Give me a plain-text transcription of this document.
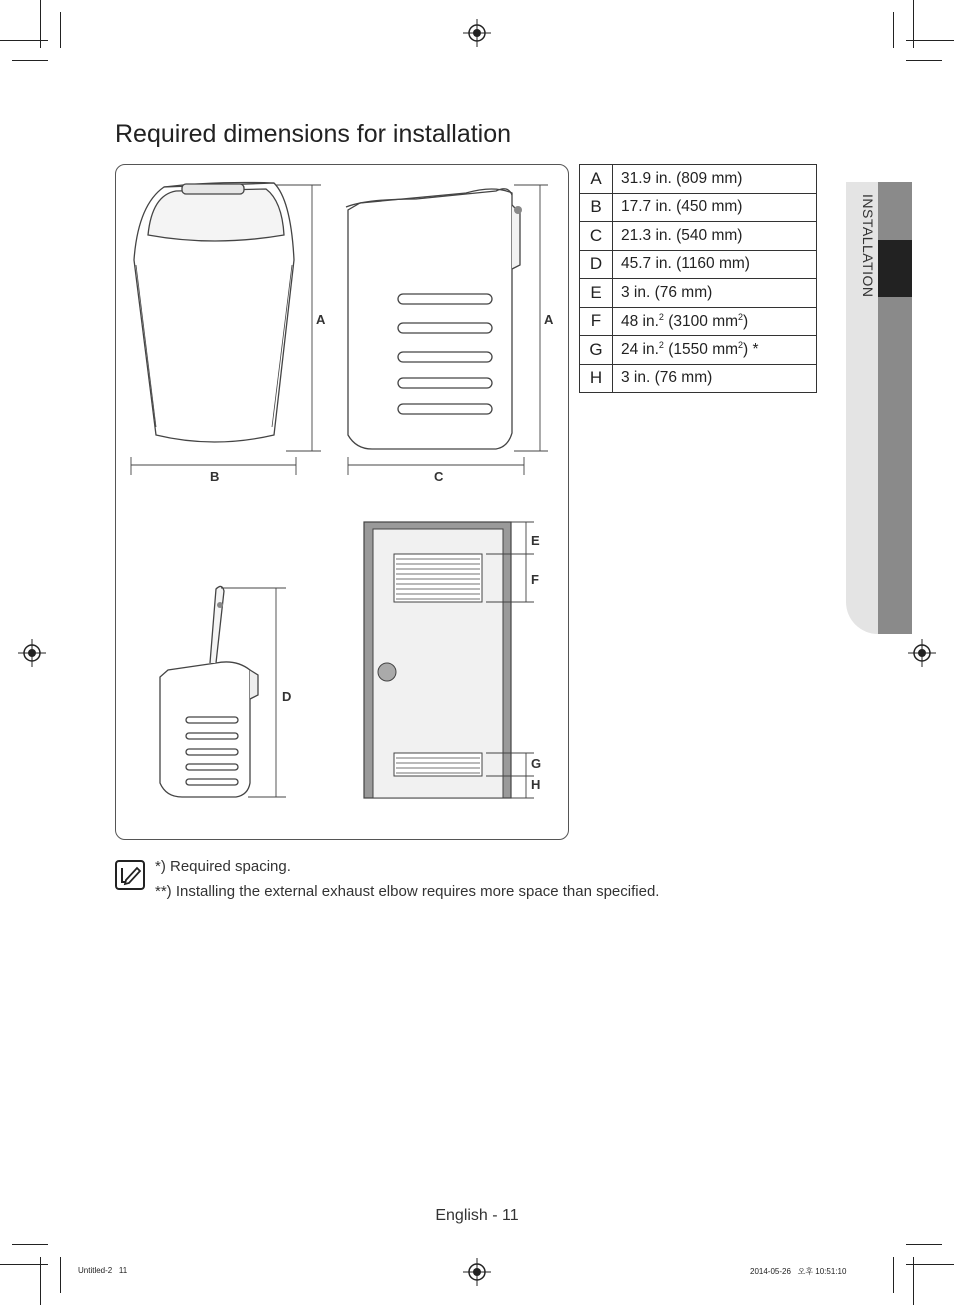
Required dimensions for installation
A	A
B	C
D
E
F
G
H
A	31.9 in. (809 mm)
B	17.7 in. (450 mm)
C	21.3 in. (540 mm)
D	45.7 in. (1160 mm)
E	3 in. (76 mm)
F	48 in.$^2$ (3100 $mm^2$)
G	24 in.$^2$ (1550 $mm^2$) *
H	3 in. (76 mm)
INSTALLATION
*) Required spacing.
**) Installing the external exhaust elbow requires more space than specified.
English - 11
Untitled-2   11	2014-05-26   오후 10:51:10
